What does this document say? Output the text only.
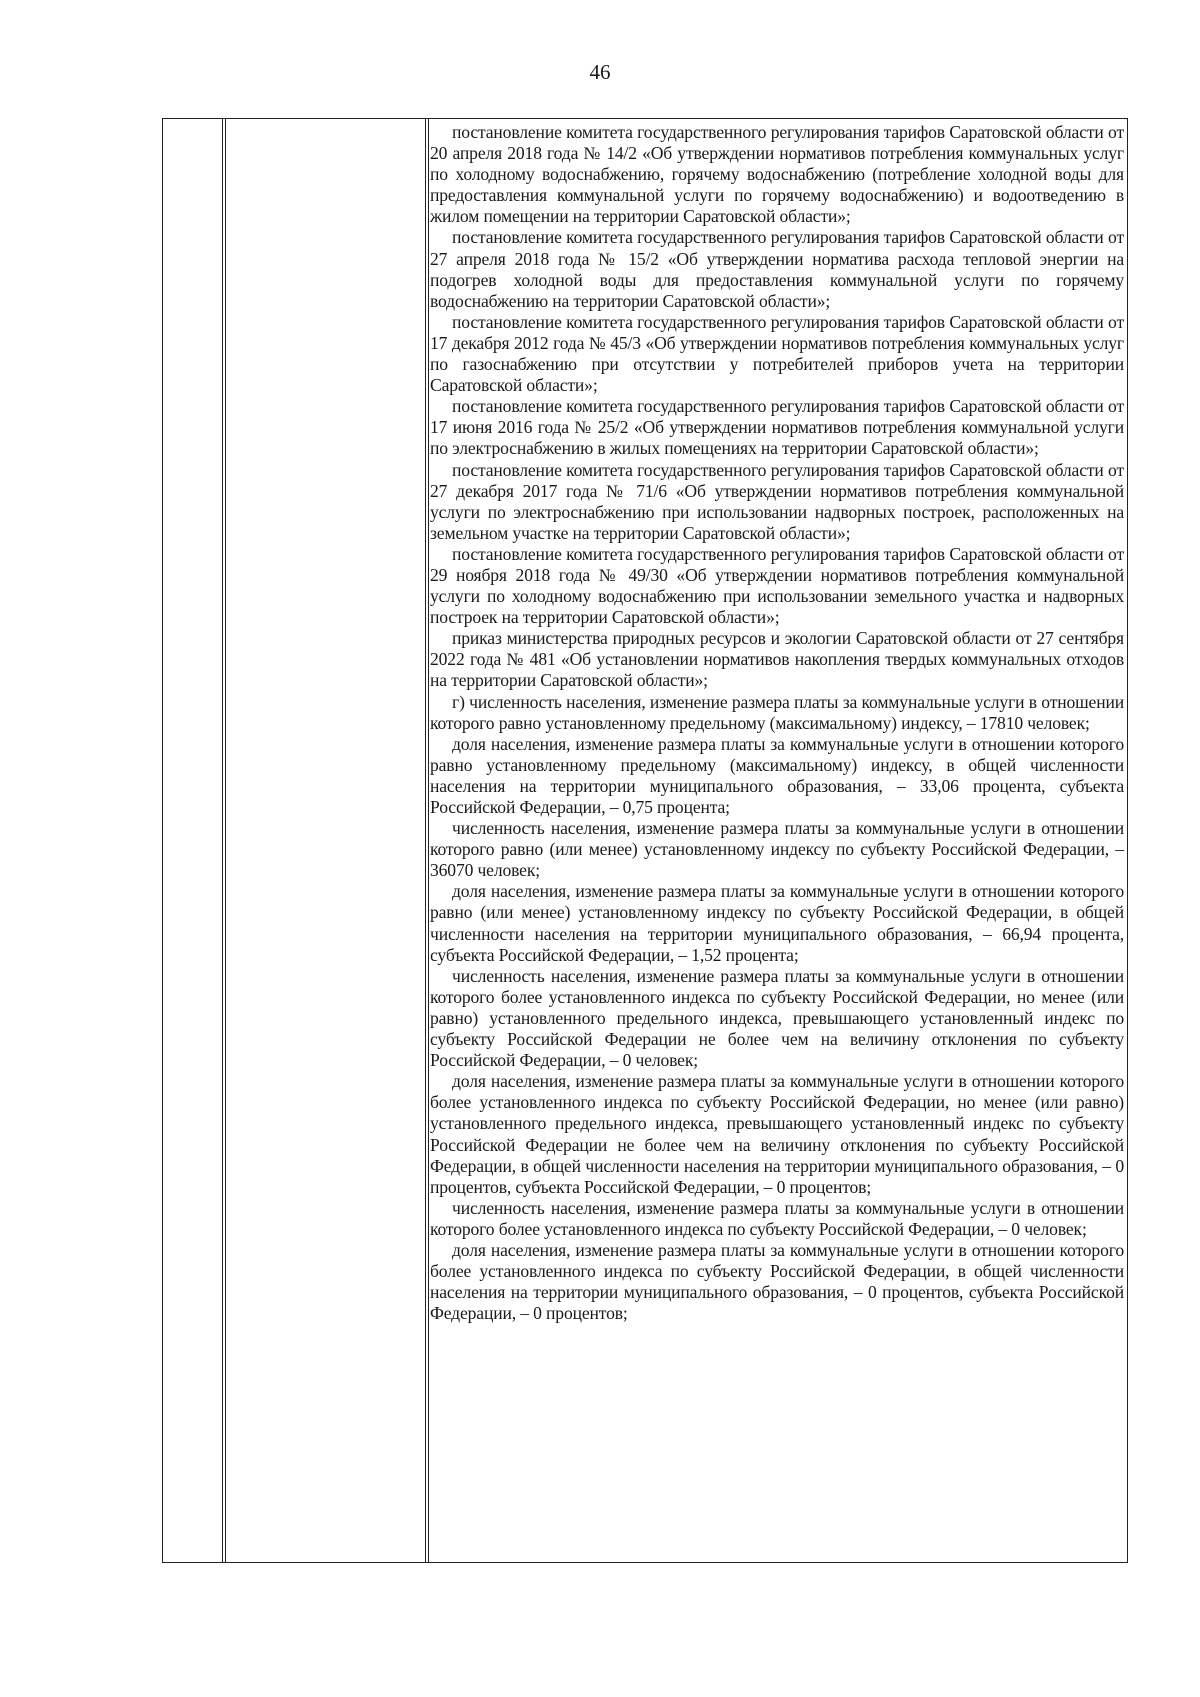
46

постановление комитета государственного регулирования тарифов Саратовской области от 20 апреля 2018 года № 14/2 «Об утверждении нормативов потребления коммунальных услуг по холодному водоснабжению, горячему водоснабжению (потребление холодной воды для предоставления коммунальной услуги по горячему водоснабжению) и водоотведению в жилом помещении на территории Саратовской области»;

постановление комитета государственного регулирования тарифов Саратовской области от 27 апреля 2018 года № 15/2 «Об утверждении норматива расхода тепловой энергии на подогрев холодной воды для предоставления коммунальной услуги по горячему водоснабжению на территории Саратовской области»;

постановление комитета государственного регулирования тарифов Саратовской области от 17 декабря 2012 года № 45/3 «Об утверждении нормативов потребления коммунальных услуг по газоснабжению при отсутствии у потребителей приборов учета на территории Саратовской области»;

постановление комитета государственного регулирования тарифов Саратовской области от 17 июня 2016 года № 25/2 «Об утверждении нормативов потребления коммунальной услуги по электроснабжению в жилых помещениях на территории Саратовской области»;

постановление комитета государственного регулирования тарифов Саратовской области от 27 декабря 2017 года № 71/6 «Об утверждении нормативов потребления коммунальной услуги по электроснабжению при использовании надворных построек, расположенных на земельном участке на территории Саратовской области»;

постановление комитета государственного регулирования тарифов Саратовской области от 29 ноября 2018 года № 49/30 «Об утверждении нормативов потребления коммунальной услуги по холодному водоснабжению при использовании земельного участка и надворных построек на территории Саратовской области»;

приказ министерства природных ресурсов и экологии Саратовской области от 27 сентября 2022 года № 481 «Об установлении нормативов накопления твердых коммунальных отходов на территории Саратовской области»;

г) численность населения, изменение размера платы за коммунальные услуги в отношении которого равно установленному предельному (максимальному) индексу, – 17810 человек;

доля населения, изменение размера платы за коммунальные услуги в отношении которого равно установленному предельному (максимальному) индексу, в общей численности населения на территории муниципального образования, – 33,06 процента, субъекта Российской Федерации, – 0,75 процента;

численность населения, изменение размера платы за коммунальные услуги в отношении которого равно (или менее) установленному индексу по субъекту Российской Федерации, – 36070 человек;

доля населения, изменение размера платы за коммунальные услуги в отношении которого равно (или менее) установленному индексу по субъекту Российской Федерации, в общей численности населения на территории муниципального образования, – 66,94 процента, субъекта Российской Федерации, – 1,52 процента;

численность населения, изменение размера платы за коммунальные услуги в отношении которого более установленного индекса по субъекту Российской Федерации, но менее (или равно) установленного предельного индекса, превышающего установленный индекс по субъекту Российской Федерации не более чем на величину отклонения по субъекту Российской Федерации, – 0 человек;

доля населения, изменение размера платы за коммунальные услуги в отношении которого более установленного индекса по субъекту Российской Федерации, но менее (или равно) установленного предельного индекса, превышающего установленный индекс по субъекту Российской Федерации не более чем на величину отклонения по субъекту Российской Федерации, в общей численности населения на территории муниципального образования, – 0 процентов, субъекта Российской Федерации, – 0 процентов;

численность населения, изменение размера платы за коммунальные услуги в отношении которого более установленного индекса по субъекту Российской Федерации, – 0 человек;

доля населения, изменение размера платы за коммунальные услуги в отношении которого более установленного индекса по субъекту Российской Федерации, в общей численности населения на территории муниципального образования, – 0 процентов, субъекта Российской Федерации, – 0 процентов;
